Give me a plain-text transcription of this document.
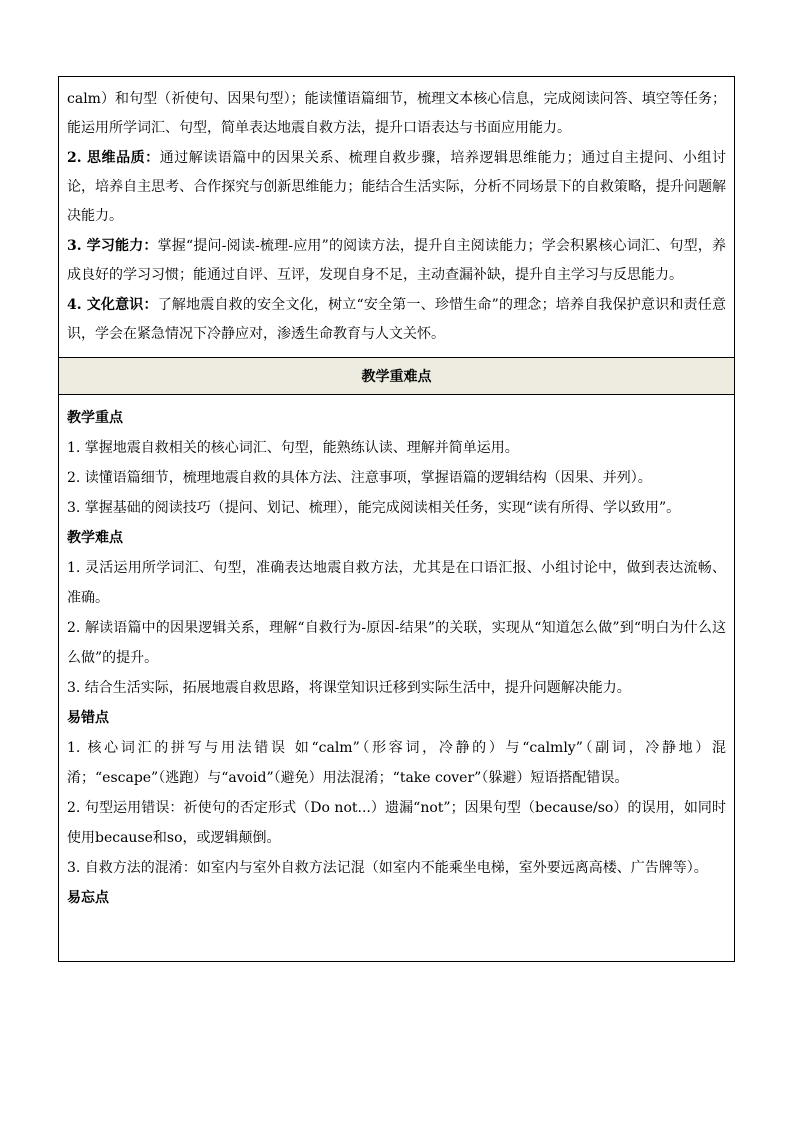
calm）和句型（祈使句、因果句型）；能读懂语篇细节，梳理文本核心信息，完成阅读问答、填空等任务；能运用所学词汇、句型，简单表达地震自救方法，提升口语表达与书面应用能力。

2. 思维品质：通过解读语篇中的因果关系、梳理自救步骤，培养逻辑思维能力；通过自主提问、小组讨论，培养自主思考、合作探究与创新思维能力；能结合生活实际，分析不同场景下的自救策略，提升问题解决能力。

3. 学习能力：掌握“提问-阅读-梳理-应用”的阅读方法，提升自主阅读能力；学会积累核心词汇、句型，养成良好的学习习惯；能通过自评、互评，发现自身不足，主动查漏补缺，提升自主学习与反思能力。

4. 文化意识：了解地震自救的安全文化，树立“安全第一、珍惜生命”的理念；培养自我保护意识和责任意识，学会在紧急情况下冷静应对，渗透生命教育与人文关怀。

教学重难点

教学重点

1. 掌握地震自救相关的核心词汇、句型，能熟练认读、理解并简单运用。

2. 读懂语篇细节，梳理地震自救的具体方法、注意事项，掌握语篇的逻辑结构（因果、并列）。

3. 掌握基础的阅读技巧（提问、划记、梳理），能完成阅读相关任务，实现“读有所得、学以致用”。

教学难点

1. 灵活运用所学词汇、句型，准确表达地震自救方法，尤其是在口语汇报、小组讨论中，做到表达流畅、准确。

2. 解读语篇中的因果逻辑关系，理解“自救行为-原因-结果”的关联，实现从“知道怎么做”到“明白为什么这么做”的提升。

3. 结合生活实际，拓展地震自救思路，将课堂知识迁移到实际生活中，提升问题解决能力。

易错点

1. 核心词汇的拼写与用法错误 如“calm”（形容词，冷静的）与“calmly”（副词，冷静地）混淆；“escape”（逃跑）与“avoid”（避免）用法混淆；“take cover”（躲避）短语搭配错误。

2. 句型运用错误：祈使句的否定形式（Do not...）遗漏“not”；因果句型（because/so）的误用，如同时使用because和so，或逻辑颠倒。

3. 自救方法的混淆：如室内与室外自救方法记混（如室内不能乘坐电梯，室外要远离高楼、广告牌等）。

易忘点
